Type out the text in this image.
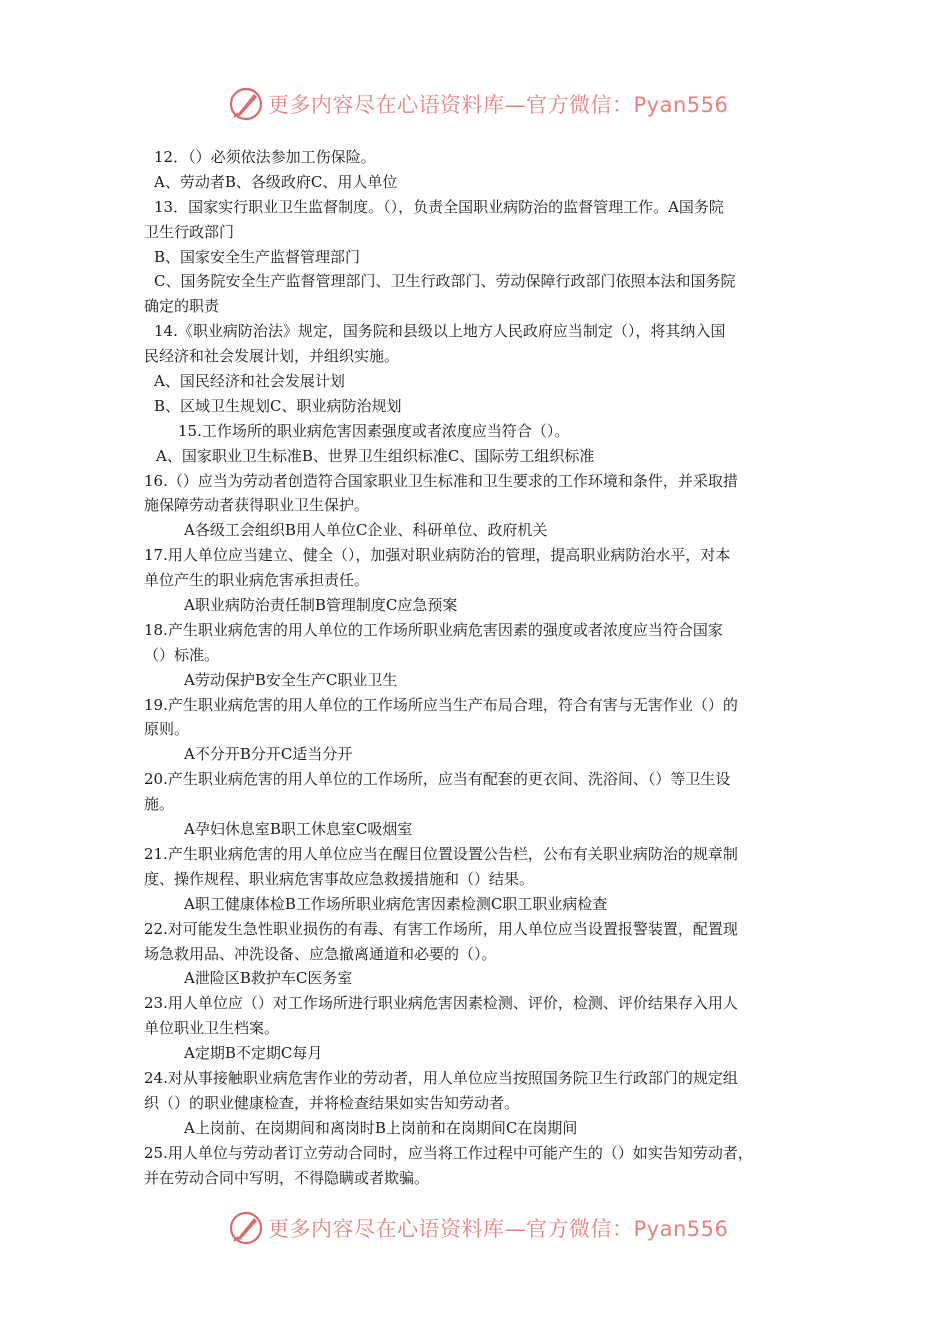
更多内容尽在心语资料库—官方微信：Pyan556
12．（）必须依法参加工伤保险。
A、劳动者B、各级政府C、用人单位
13．国家实行职业卫生监督制度。（），负责全国职业病防治的监督管理工作。A国务院
卫生行政部门
B、国家安全生产监督管理部门
C、国务院安全生产监督管理部门、卫生行政部门、劳动保障行政部门依照本法和国务院
确定的职责
14.《职业病防治法》规定，国务院和县级以上地方人民政府应当制定（），将其纳入国
民经济和社会发展计划，并组织实施。
A、国民经济和社会发展计划
B、区域卫生规划C、职业病防治规划
15.工作场所的职业病危害因素强度或者浓度应当符合（）。
A、国家职业卫生标准B、世界卫生组织标准C、国际劳工组织标准
16.（）应当为劳动者创造符合国家职业卫生标准和卫生要求的工作环境和条件，并采取措
施保障劳动者获得职业卫生保护。
A各级工会组织B用人单位C企业、科研单位、政府机关
17.用人单位应当建立、健全（），加强对职业病防治的管理，提高职业病防治水平，对本
单位产生的职业病危害承担责任。
A职业病防治责任制B管理制度C应急预案
18.产生职业病危害的用人单位的工作场所职业病危害因素的强度或者浓度应当符合国家
（）标准。
A劳动保护B安全生产C职业卫生
19.产生职业病危害的用人单位的工作场所应当生产布局合理，符合有害与无害作业（）的
原则。
A不分开B分开C适当分开
20.产生职业病危害的用人单位的工作场所，应当有配套的更衣间、洗浴间、（）等卫生设
施。
A孕妇休息室B职工休息室C吸烟室
21.产生职业病危害的用人单位应当在醒目位置设置公告栏，公布有关职业病防治的规章制
度、操作规程、职业病危害事故应急救援措施和（）结果。
A职工健康体检B工作场所职业病危害因素检测C职工职业病检查
22.对可能发生急性职业损伤的有毒、有害工作场所，用人单位应当设置报警装置，配置现
场急救用品、冲洗设备、应急撤离通道和必要的（）。
A泄险区B救护车C医务室
23.用人单位应（）对工作场所进行职业病危害因素检测、评价，检测、评价结果存入用人
单位职业卫生档案。
A定期B不定期C每月
24.对从事接触职业病危害作业的劳动者，用人单位应当按照国务院卫生行政部门的规定组
织（）的职业健康检查，并将检查结果如实告知劳动者。
A上岗前、在岗期间和离岗时B上岗前和在岗期间C在岗期间
25.用人单位与劳动者订立劳动合同时，应当将工作过程中可能产生的（）如实告知劳动者，
并在劳动合同中写明，不得隐瞒或者欺骗。
更多内容尽在心语资料库—官方微信：Pyan556
